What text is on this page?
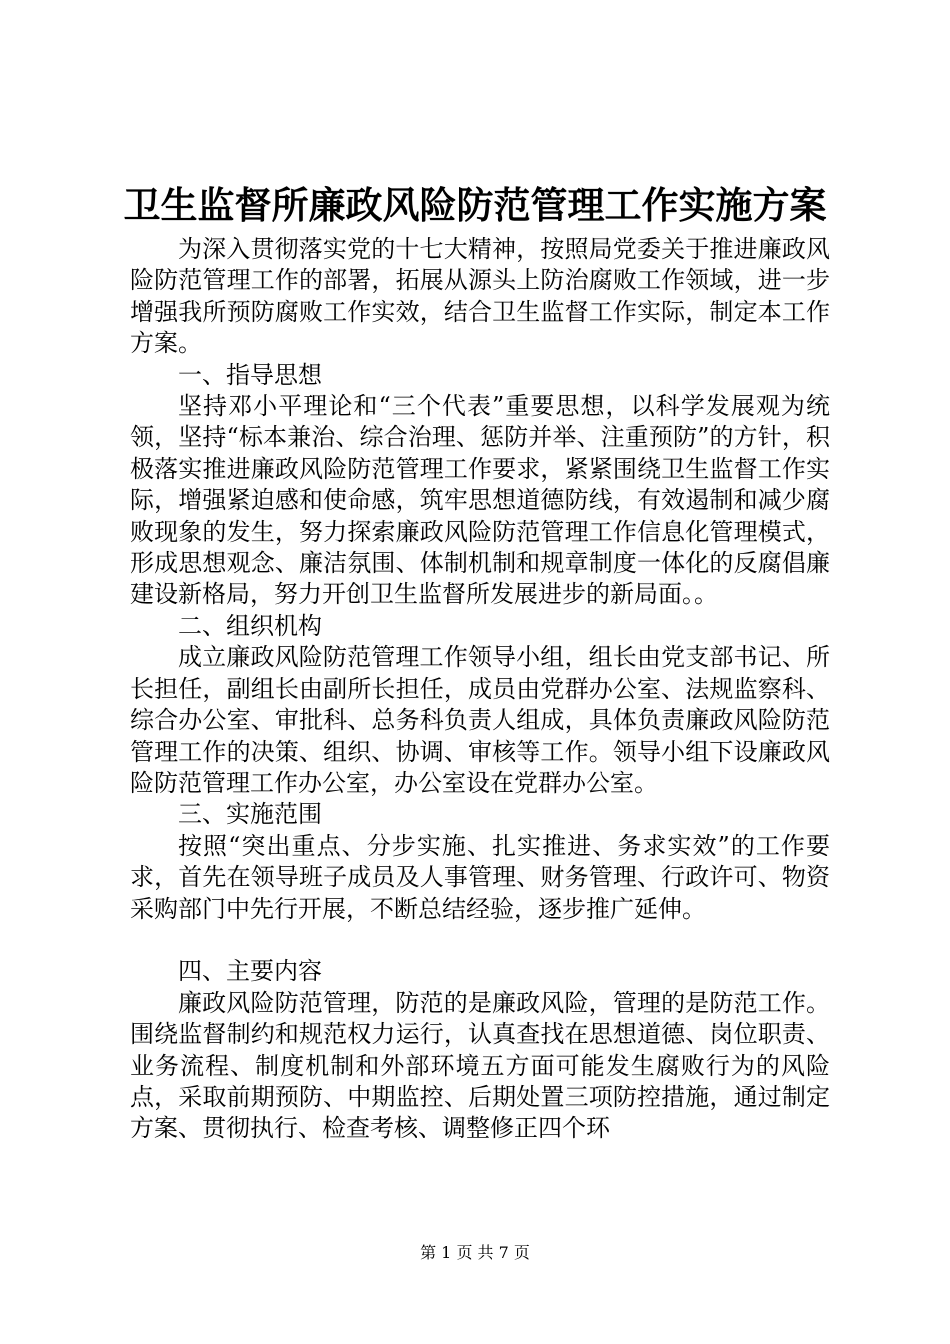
卫生监督所廉政风险防范管理工作实施方案

为深入贯彻落实党的十七大精神，按照局党委关于推进廉政风险防范管理工作的部署，拓展从源头上防治腐败工作领域，进一步增强我所预防腐败工作实效，结合卫生监督工作实际，制定本工作方案。

一、指导思想

坚持邓小平理论和“三个代表”重要思想，以科学发展观为统领，坚持“标本兼治、综合治理、惩防并举、注重预防”的方针，积极落实推进廉政风险防范管理工作要求，紧紧围绕卫生监督工作实际，增强紧迫感和使命感，筑牢思想道德防线，有效遏制和减少腐败现象的发生，努力探索廉政风险防范管理工作信息化管理模式，形成思想观念、廉洁氛围、体制机制和规章制度一体化的反腐倡廉建设新格局，努力开创卫生监督所发展进步的新局面。。

二、组织机构

成立廉政风险防范管理工作领导小组，组长由党支部书记、所长担任，副组长由副所长担任，成员由党群办公室、法规监察科、综合办公室、审批科、总务科负责人组成，具体负责廉政风险防范管理工作的决策、组织、协调、审核等工作。领导小组下设廉政风险防范管理工作办公室，办公室设在党群办公室。

三、实施范围

按照“突出重点、分步实施、扎实推进、务求实效”的工作要求，首先在领导班子成员及人事管理、财务管理、行政许可、物资采购部门中先行开展，不断总结经验，逐步推广延伸。

四、主要内容

廉政风险防范管理，防范的是廉政风险，管理的是防范工作。围绕监督制约和规范权力运行，认真查找在思想道德、岗位职责、业务流程、制度机制和外部环境五方面可能发生腐败行为的风险点，采取前期预防、中期监控、后期处置三项防控措施，通过制定方案、贯彻执行、检查考核、调整修正四个环

第 1 页 共 7 页
